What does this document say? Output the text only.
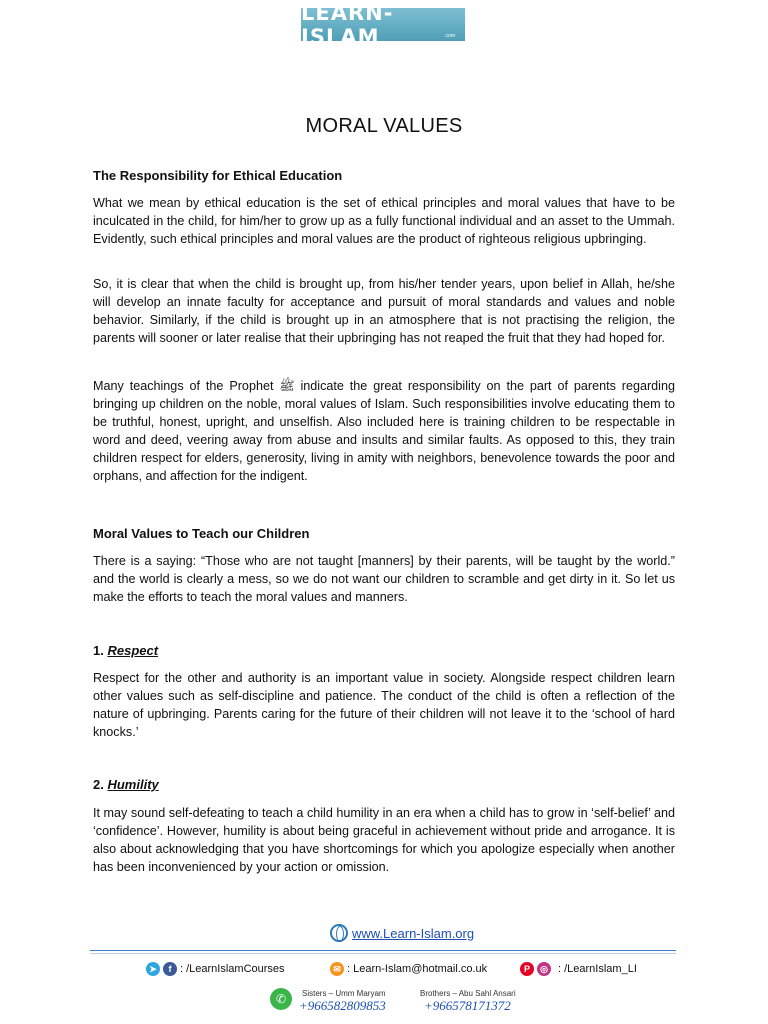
LEARN-ISLAM	.com
MORAL VALUES
The Responsibility for Ethical Education

What we mean by ethical education is the set of ethical principles and moral values that have to be inculcated in the child, for him/her to grow up as a fully functional individual and an asset to the Ummah. Evidently, such ethical principles and moral values are the product of righteous religious upbringing.

So, it is clear that when the child is brought up, from his/her tender years, upon belief in Allah, he/she will develop an innate faculty for acceptance and pursuit of moral standards and values and noble behavior. Similarly, if the child is brought up in an atmosphere that is not practising the religion, the parents will sooner or later realise that their upbringing has not reaped the fruit that they had hoped for.

Many teachings of the Prophet ﷺ indicate the great responsibility on the part of parents regarding bringing up children on the noble, moral values of Islam. Such responsibilities involve educating them to be truthful, honest, upright, and unselfish. Also included here is training children to be respectable in word and deed, veering away from abuse and insults and similar faults. As opposed to this, they train children respect for elders, generosity, living in amity with neighbors, benevolence towards the poor and orphans, and affection for the indigent.

Moral Values to Teach our Children

There is a saying: “Those who are not taught [manners] by their parents, will be taught by the world.” and the world is clearly a mess, so we do not want our children to scramble and get dirty in it. So let us make the efforts to teach the moral values and manners.

1. Respect

Respect for the other and authority is an important value in society. Alongside respect children learn other values such as self-discipline and patience. The conduct of the child is often a reflection of the nature of upbringing. Parents caring for the future of their children will not leave it to the ‘school of hard knocks.’

2. Humility

It may sound self-defeating to teach a child humility in an era when a child has to grow in ‘self-belief’ and ‘confidence’. However, humility is about being graceful in achievement without pride and arrogance. It is also about acknowledging that you have shortcomings for which you apologize especially when another has been inconvenienced by your action or omission.

www.Learn-Islam.org
➤	f : /LearnIslamCourses	✉ : Learn-Islam@hotmail.co.uk	P	◎ : /LearnIslam_LI
✆	Sisters – Umm Maryam	Brothers – Abu Sahl Ansari
+966582809853	+966578171372
